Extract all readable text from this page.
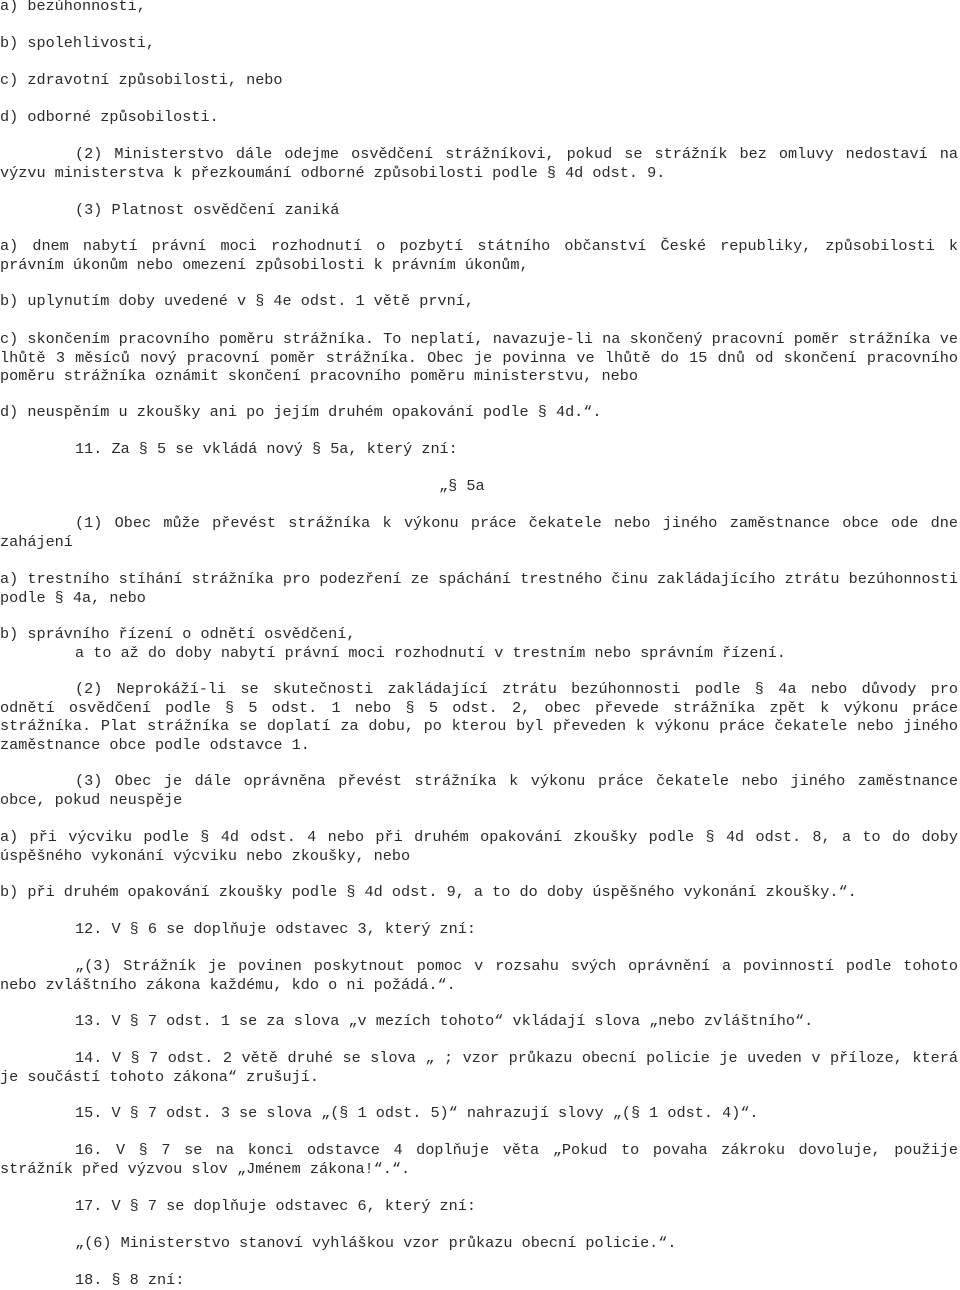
a) bezúhonnosti,
b) spolehlivosti,
c) zdravotní způsobilosti, nebo
d) odborné způsobilosti.
(2) Ministerstvo dále odejme osvědčení strážníkovi, pokud se strážník bez omluvy nedostaví na výzvu ministerstva k přezkoumání odborné způsobilosti podle § 4d odst. 9.
(3) Platnost osvědčení zaniká
a) dnem nabytí právní moci rozhodnutí o pozbytí státního občanství České republiky, způsobilosti k právním úkonům nebo omezení způsobilosti k právním úkonům,
b) uplynutím doby uvedené v § 4e odst. 1 větě první,
c) skončením pracovního poměru strážníka. To neplatí, navazuje-li na skončený pracovní poměr strážníka ve lhůtě 3 měsíců nový pracovní poměr strážníka. Obec je povinna ve lhůtě do 15 dnů od skončení pracovního poměru strážníka oznámit skončení pracovního poměru ministerstvu, nebo
d) neuspěním u zkoušky ani po jejím druhém opakování podle § 4d.“.
11. Za § 5 se vkládá nový § 5a, který zní:
„§ 5a
(1) Obec může převést strážníka k výkonu práce čekatele nebo jiného zaměstnance obce ode dne zahájení
a) trestního stíhání strážníka pro podezření ze spáchání trestného činu zakládajícího ztrátu bezúhonnosti podle § 4a, nebo
b) správního řízení o odnětí osvědčení,
a to až do doby nabytí právní moci rozhodnutí v trestním nebo správním řízení.
(2) Neprokáží-li se skutečnosti zakládající ztrátu bezúhonnosti podle § 4a nebo důvody pro odnětí osvědčení podle § 5 odst. 1 nebo § 5 odst. 2, obec převede strážníka zpět k výkonu práce strážníka. Plat strážníka se doplatí za dobu, po kterou byl převeden k výkonu práce čekatele nebo jiného zaměstnance obce podle odstavce 1.
(3) Obec je dále oprávněna převést strážníka k výkonu práce čekatele nebo jiného zaměstnance obce, pokud neuspěje
a) při výcviku podle § 4d odst. 4 nebo při druhém opakování zkoušky podle § 4d odst. 8, a to do doby úspěšného vykonání výcviku nebo zkoušky, nebo
b) při druhém opakování zkoušky podle § 4d odst. 9, a to do doby úspěšného vykonání zkoušky.“.
12. V § 6 se doplňuje odstavec 3, který zní:
„(3) Strážník je povinen poskytnout pomoc v rozsahu svých oprávnění a povinností podle tohoto nebo zvláštního zákona každému, kdo o ni požádá.“.
13. V § 7 odst. 1 se za slova „v mezích tohoto“ vkládají slova „nebo zvláštního“.
14. V § 7 odst. 2 větě druhé se slova „ ; vzor průkazu obecní policie je uveden v příloze, která je součástí tohoto zákona“ zrušují.
15. V § 7 odst. 3 se slova „(§ 1 odst. 5)“ nahrazují slovy „(§ 1 odst. 4)“.
16. V § 7 se na konci odstavce 4 doplňuje věta „Pokud to povaha zákroku dovoluje, použije strážník před výzvou slov „Jménem zákona!“.“.
17. V § 7 se doplňuje odstavec 6, který zní:
„(6) Ministerstvo stanoví vyhláškou vzor průkazu obecní policie.“.
18. § 8 zní:
